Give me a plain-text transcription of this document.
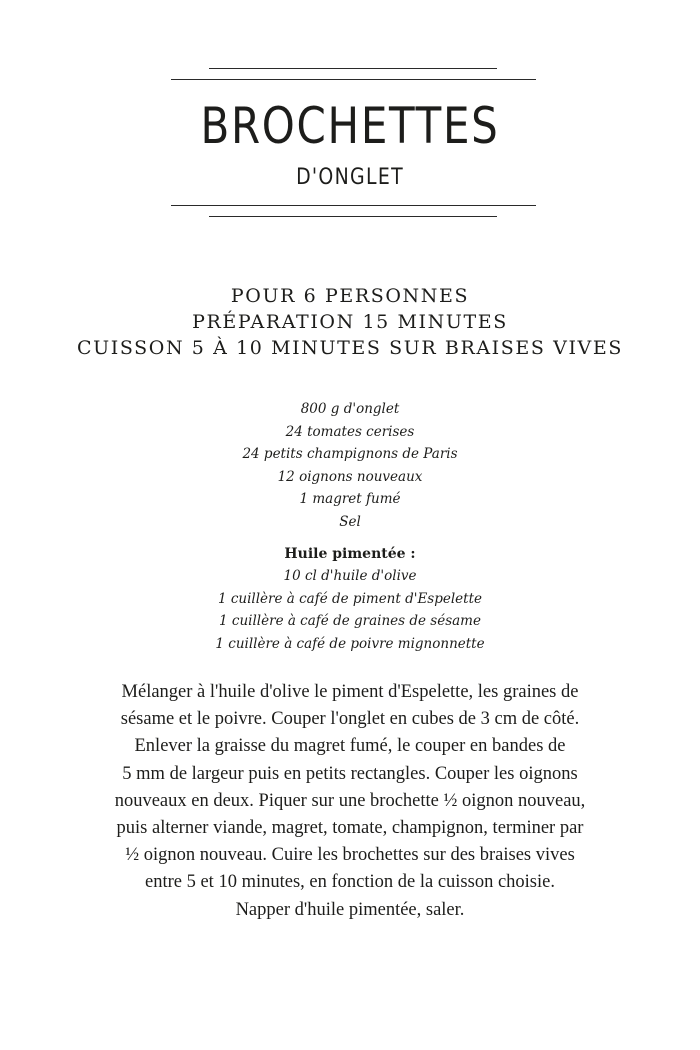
BROCHETTES
D'ONGLET
POUR 6 PERSONNES
PRÉPARATION 15 MINUTES
CUISSON 5 À 10 MINUTES SUR BRAISES VIVES
800 g d'onglet
24 tomates cerises
24 petits champignons de Paris
12 oignons nouveaux
1 magret fumé
Sel
Huile pimentée :
10 cl d'huile d'olive
1 cuillère à café de piment d'Espelette
1 cuillère à café de graines de sésame
1 cuillère à café de poivre mignonnette
Mélanger à l'huile d'olive le piment d'Espelette, les graines de
sésame et le poivre. Couper l'onglet en cubes de 3 cm de côté.
Enlever la graisse du magret fumé, le couper en bandes de
5 mm de largeur puis en petits rectangles. Couper les oignons
nouveaux en deux. Piquer sur une brochette ½ oignon nouveau,
puis alterner viande, magret, tomate, champignon, terminer par
½ oignon nouveau. Cuire les brochettes sur des braises vives
entre 5 et 10 minutes, en fonction de la cuisson choisie.
Napper d'huile pimentée, saler.
